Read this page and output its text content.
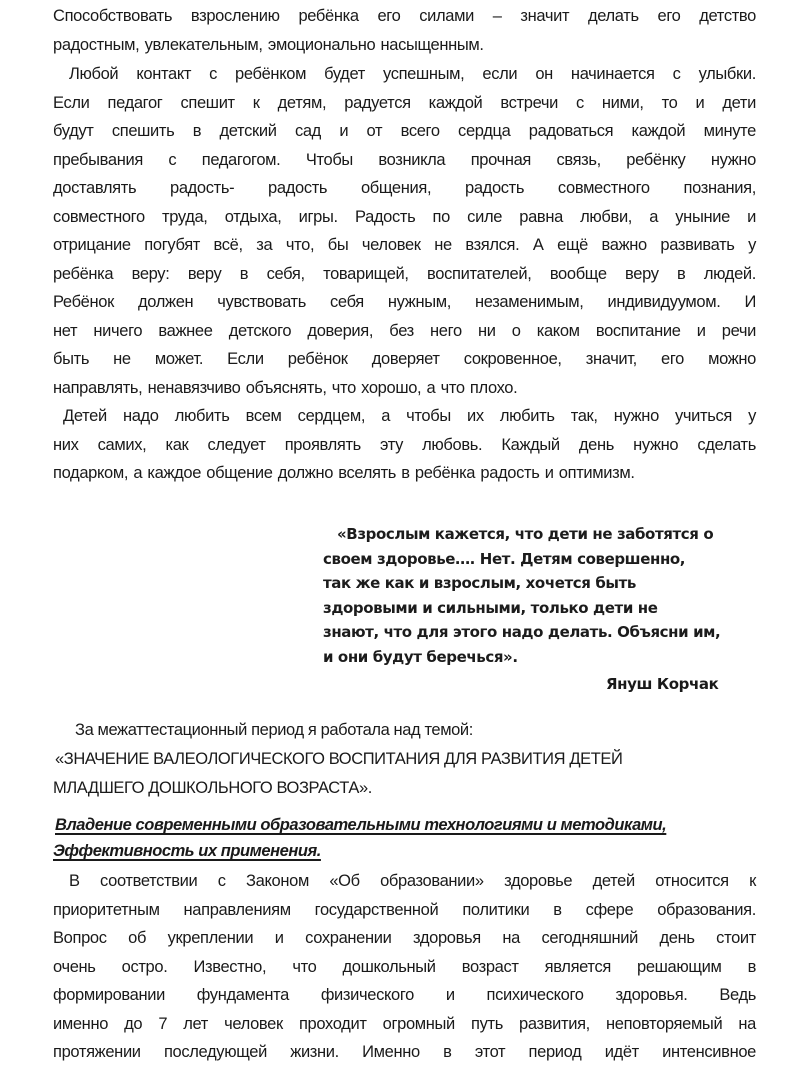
Способствовать взрослению ребёнка его силами – значит делать его детство
радостным, увлекательным, эмоционально насыщенным.
Любой контакт с ребёнком будет успешным, если он начинается с улыбки.
Если педагог спешит к детям, радуется каждой встречи с ними, то и дети
будут спешить в детский сад и от всего сердца радоваться каждой минуте
пребывания с педагогом. Чтобы возникла прочная связь, ребёнку нужно
доставлять радость- радость общения, радость совместного познания,
совместного труда, отдыха, игры. Радость по силе равна любви, а уныние и
отрицание погубят всё, за что, бы человек не взялся. А ещё важно развивать у
ребёнка веру: веру в себя, товарищей, воспитателей, вообще веру в людей.
Ребёнок должен чувствовать себя нужным, незаменимым, индивидуумом. И
нет ничего важнее детского доверия, без него ни о каком воспитание и речи
быть не может. Если ребёнок доверяет сокровенное, значит, его можно
направлять, ненавязчиво объяснять, что хорошо, а что плохо.
Детей надо любить всем сердцем, а чтобы их любить так, нужно учиться у
них самих, как следует проявлять эту любовь. Каждый день нужно сделать
подарком, а каждое общение должно вселять в ребёнка радость и оптимизм.
«Взрослым кажется, что дети не заботятся о
своем здоровье…. Нет. Детям совершенно,
так же как и взрослым, хочется быть
здоровыми и сильными, только дети не
знают, что для этого надо делать. Объясни им,
и они будут беречься».
Януш Корчак
За межаттестационный период я работала над темой:
«ЗНАЧЕНИЕ ВАЛЕОЛОГИЧЕСКОГО ВОСПИТАНИЯ ДЛЯ РАЗВИТИЯ ДЕТЕЙ
МЛАДШЕГО ДОШКОЛЬНОГО ВОЗРАСТА».
Владение современными образовательными технологиями и методиками,
Эффективность их применения.
В соответствии с Законом «Об образовании» здоровье детей относится к
приоритетным направлениям государственной политики в сфере образования.
Вопрос об укреплении и сохранении здоровья на сегодняшний день стоит
очень остро. Известно, что дошкольный возраст является решающим в
формировании фундамента физического и психического здоровья. Ведь
именно до 7 лет человек проходит огромный путь развития, неповторяемый на
протяжении последующей жизни. Именно в этот период идёт интенсивное
